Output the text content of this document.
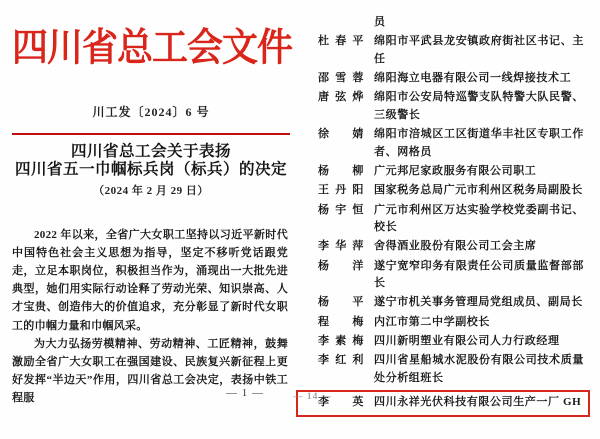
四川省总工会文件
川工发〔2024〕6 号
四川省总工会关于表扬
四川省五一巾帼标兵岗（标兵）的决定
（2024 年 2 月 29 日）

2022 年以来，全省广大女职工坚持以习近平新时代中国特色社会主义思想为指导，坚定不移听党话跟党走，立足本职岗位，积极担当作为，涌现出一大批先进典型，她们用实际行动诠释了劳动光荣、知识崇高、人才宝贵、创造伟大的价值追求，充分彰显了新时代女职工的巾帼力量和巾帼风采。

为大力弘扬劳模精神、劳动精神、工匠精神，鼓舞激励全省广大女职工在强国建设、民族复兴新征程上更好发挥“半边天”作用，四川省总工会决定，表扬中铁工程服	— 1 —
员
杜春平 绵阳市平武县龙安镇政府街社区书记、主任
邵雪蓉 绵阳海立电器有限公司一线焊接技术工
唐弦烨 绵阳市公安局特巡警支队特警大队民警、三级警长
徐婧 绵阳市涪城区工区街道华丰社区专职工作者、网格员
杨柳 广元邦尼家政服务有限公司职工
王丹阳 国家税务总局广元市利州区税务局副股长
杨宇恒 广元市利州区万达实验学校党委副书记、校长
李华萍 舍得酒业股份有限公司工会主席
杨洋 遂宁宽窄印务有限责任公司质量监督部部长
杨平 遂宁市机关事务管理局党组成员、副局长
程梅 内江市第二中学副校长
李素梅 四川新明塑业有限公司人力行政经理
李红利 四川省星船城水泥股份有限公司技术质量处分析组班长
李英 四川永祥光伏科技有限公司生产一厂 GH
— 14 —
